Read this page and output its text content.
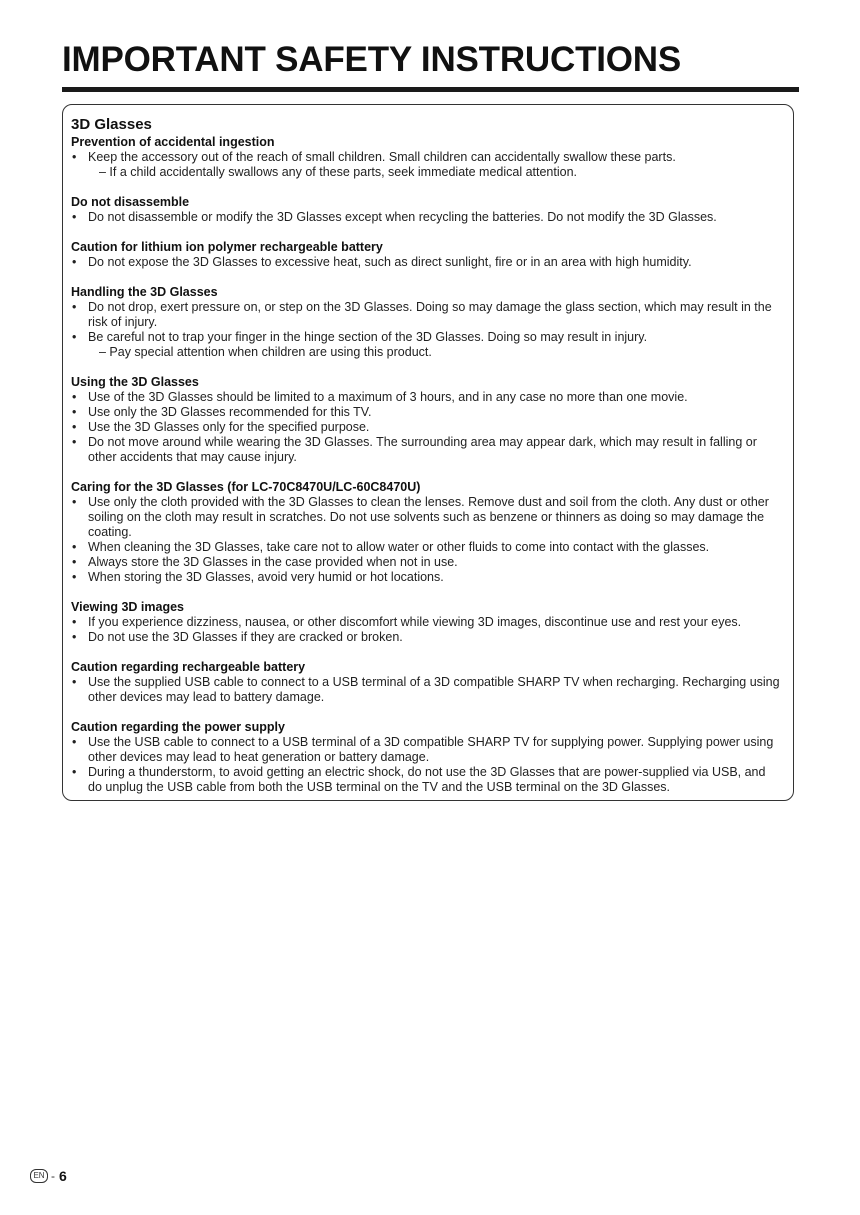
IMPORTANT SAFETY INSTRUCTIONS
3D Glasses
Prevention of accidental ingestion
• Keep the accessory out of the reach of small children. Small children can accidentally swallow these parts.
– If a child accidentally swallows any of these parts, seek immediate medical attention.
Do not disassemble
• Do not disassemble or modify the 3D Glasses except when recycling the batteries. Do not modify the 3D Glasses.
Caution for lithium ion polymer rechargeable battery
• Do not expose the 3D Glasses to excessive heat, such as direct sunlight, fire or in an area with high humidity.
Handling the 3D Glasses
• Do not drop, exert pressure on, or step on the 3D Glasses. Doing so may damage the glass section, which may result in the risk of injury.
• Be careful not to trap your finger in the hinge section of the 3D Glasses. Doing so may result in injury.
– Pay special attention when children are using this product.
Using the 3D Glasses
• Use of the 3D Glasses should be limited to a maximum of 3 hours, and in any case no more than one movie.
• Use only the 3D Glasses recommended for this TV.
• Use the 3D Glasses only for the specified purpose.
• Do not move around while wearing the 3D Glasses. The surrounding area may appear dark, which may result in falling or other accidents that may cause injury.
Caring for the 3D Glasses (for LC-70C8470U/LC-60C8470U)
• Use only the cloth provided with the 3D Glasses to clean the lenses. Remove dust and soil from the cloth. Any dust or other soiling on the cloth may result in scratches. Do not use solvents such as benzene or thinners as doing so may damage the coating.
• When cleaning the 3D Glasses, take care not to allow water or other fluids to come into contact with the glasses.
• Always store the 3D Glasses in the case provided when not in use.
• When storing the 3D Glasses, avoid very humid or hot locations.
Viewing 3D images
• If you experience dizziness, nausea, or other discomfort while viewing 3D images, discontinue use and rest your eyes.
• Do not use the 3D Glasses if they are cracked or broken.
Caution regarding rechargeable battery
• Use the supplied USB cable to connect to a USB terminal of a 3D compatible SHARP TV when recharging. Recharging using other devices may lead to battery damage.
Caution regarding the power supply
• Use the USB cable to connect to a USB terminal of a 3D compatible SHARP TV for supplying power. Supplying power using other devices may lead to heat generation or battery damage.
• During a thunderstorm, to avoid getting an electric shock, do not use the 3D Glasses that are power-supplied via USB, and do unplug the USB cable from both the USB terminal on the TV and the USB terminal on the 3D Glasses.
EN - 6
